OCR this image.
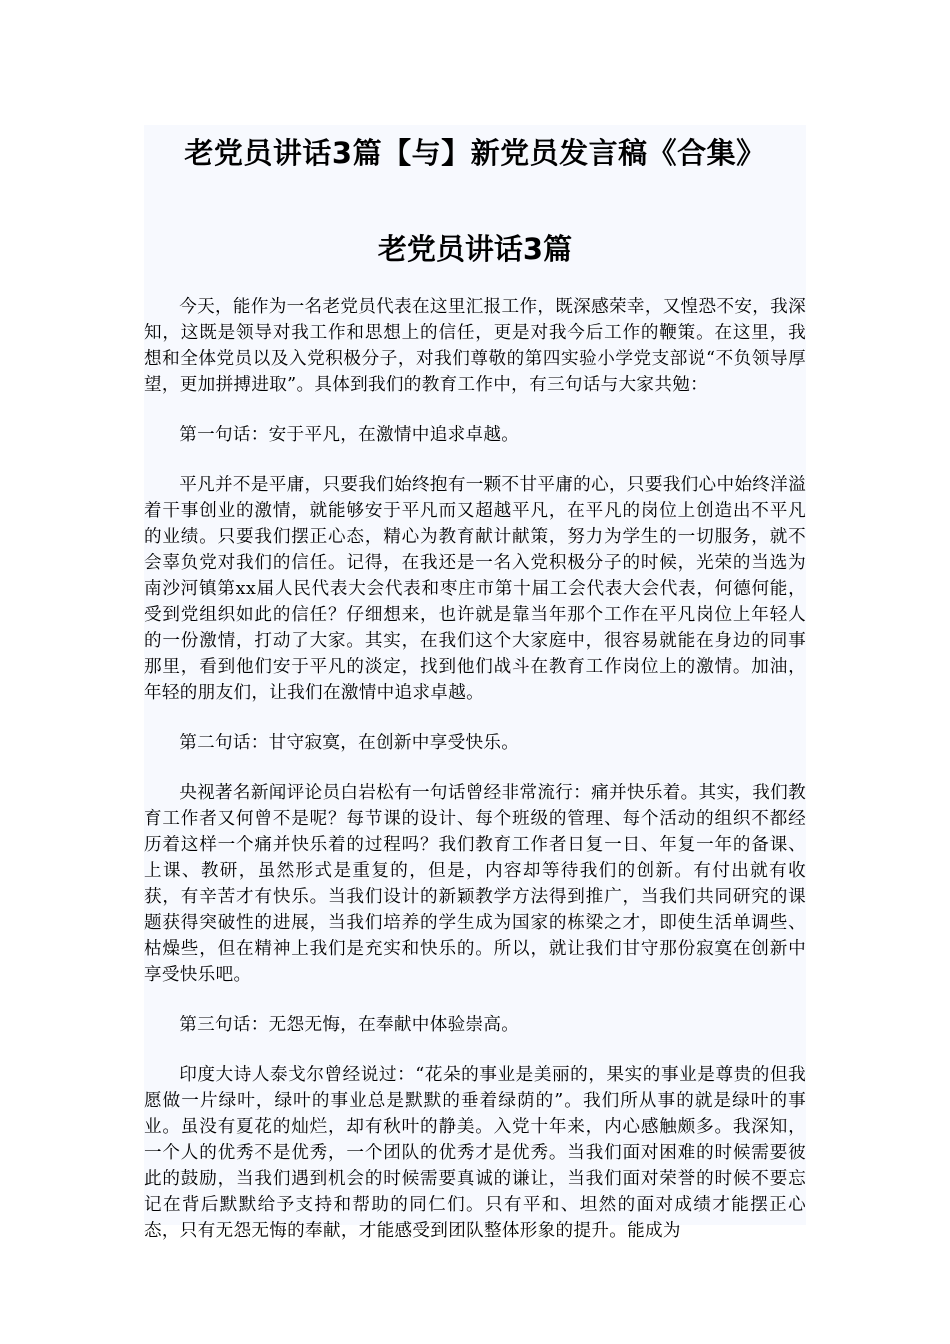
老党员讲话3篇【与】新党员发言稿《合集》
老党员讲话3篇

今天，能作为一名老党员代表在这里汇报工作，既深感荣幸，又惶恐不安，我深知，这既是领导对我工作和思想上的信任，更是对我今后工作的鞭策。在这里，我想和全体党员以及入党积极分子，对我们尊敬的第四实验小学党支部说“不负领导厚望，更加拼搏进取”。具体到我们的教育工作中，有三句话与大家共勉：

第一句话：安于平凡，在激情中追求卓越。

平凡并不是平庸，只要我们始终抱有一颗不甘平庸的心，只要我们心中始终洋溢着干事创业的激情，就能够安于平凡而又超越平凡，在平凡的岗位上创造出不平凡的业绩。只要我们摆正心态，精心为教育献计献策，努力为学生的一切服务，就不会辜负党对我们的信任。记得，在我还是一名入党积极分子的时候，光荣的当选为南沙河镇第xx届人民代表大会代表和枣庄市第十届工会代表大会代表，何德何能，受到党组织如此的信任？仔细想来，也许就是靠当年那个工作在平凡岗位上年轻人的一份激情，打动了大家。其实，在我们这个大家庭中，很容易就能在身边的同事那里，看到他们安于平凡的淡定，找到他们战斗在教育工作岗位上的激情。加油，年轻的朋友们，让我们在激情中追求卓越。

第二句话：甘守寂寞，在创新中享受快乐。

央视著名新闻评论员白岩松有一句话曾经非常流行：痛并快乐着。其实，我们教育工作者又何曾不是呢？每节课的设计、每个班级的管理、每个活动的组织不都经历着这样一个痛并快乐着的过程吗？我们教育工作者日复一日、年复一年的备课、上课、教研，虽然形式是重复的，但是，内容却等待我们的创新。有付出就有收获，有辛苦才有快乐。当我们设计的新颖教学方法得到推广，当我们共同研究的课题获得突破性的进展，当我们培养的学生成为国家的栋梁之才，即使生活单调些、枯燥些，但在精神上我们是充实和快乐的。所以，就让我们甘守那份寂寞在创新中享受快乐吧。

第三句话：无怨无悔，在奉献中体验崇高。

印度大诗人泰戈尔曾经说过：“花朵的事业是美丽的，果实的事业是尊贵的但我愿做一片绿叶，绿叶的事业总是默默的垂着绿荫的”。我们所从事的就是绿叶的事业。虽没有夏花的灿烂，却有秋叶的静美。入党十年来，内心感触颇多。我深知，一个人的优秀不是优秀，一个团队的优秀才是优秀。当我们面对困难的时候需要彼此的鼓励，当我们遇到机会的时候需要真诚的谦让，当我们面对荣誉的时候不要忘记在背后默默给予支持和帮助的同仁们。只有平和、坦然的面对成绩才能摆正心态，只有无怨无悔的奉献，才能感受到团队整体形象的提升。能成为
